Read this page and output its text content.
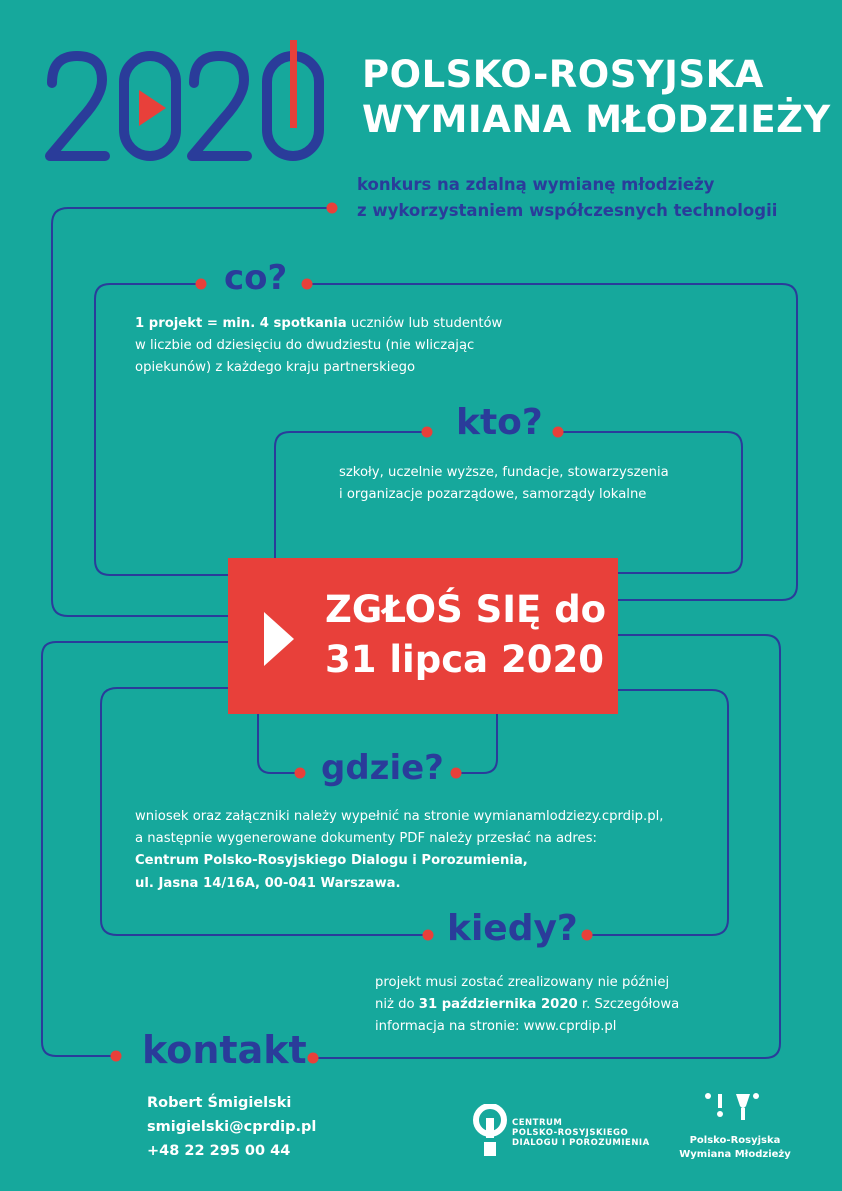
POLSKO-ROSYJSKA
WYMIANA MŁODZIEŻY
konkurs na zdalną wymianę młodzieży
z wykorzystaniem współczesnych technologii
co?
1 projekt = min. 4 spotkania uczniów lub studentów
w liczbie od dziesięciu do dwudziestu (nie wliczając
opiekunów) z każdego kraju partnerskiego
kto?
szkoły, uczelnie wyższe, fundacje, stowarzyszenia
i organizacje pozarządowe, samorządy lokalne
ZGŁOŚ SIĘ do
31 lipca 2020
gdzie?
wniosek oraz załączniki należy wypełnić na stronie wymianamlodziezy.cprdip.pl,
a następnie wygenerowane dokumenty PDF należy przesłać na adres:
Centrum Polsko-Rosyjskiego Dialogu i Porozumienia,
ul. Jasna 14/16A, 00-041 Warszawa.
kiedy?
projekt musi zostać zrealizowany nie później
niż do 31 października 2020 r. Szczegółowa
informacja na stronie: www.cprdip.pl
kontakt
Robert Śmigielski
smigielski@cprdip.pl
+48 22 295 00 44
CENTRUM
POLSKO-ROSYJSKIEGO
DIALOGU I POROZUMIENIA	Polsko-Rosyjska
Wymiana Młodzieży
